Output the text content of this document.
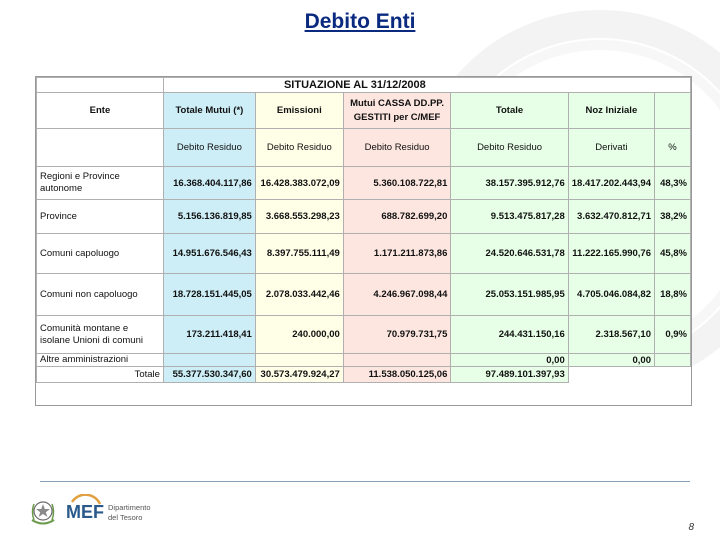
Debito Enti
	SITUAZIONE AL 31/12/2008					
Ente	Totale Mutui (*)	Emissioni	Mutui CASSA DD.PP. GESTITI per C/MEF	Totale	Noz Iniziale	
	Debito Residuo	Debito Residuo	Debito Residuo	Debito Residuo	Derivati	%
Regioni e Province autonome	16.368.404.117,86	16.428.383.072,09	5.360.108.722,81	38.157.395.912,76	18.417.202.443,94	48,3%
Province	5.156.136.819,85	3.668.553.298,23	688.782.699,20	9.513.475.817,28	3.632.470.812,71	38,2%
Comuni capoluogo	14.951.676.546,43	8.397.755.111,49	1.171.211.873,86	24.520.646.531,78	11.222.165.990,76	45,8%
Comuni non capoluogo	18.728.151.445,05	2.078.033.442,46	4.246.967.098,44	25.053.151.985,95	4.705.046.084,82	18,8%
Comunità montane e isolane Unioni di comuni	173.211.418,41	240.000,00	70.979.731,75	244.431.150,16	2.318.567,10	0,9%
Altre amministrazioni				0,00	0,00	
Totale	55.377.530.347,60	30.573.479.924,27	11.538.050.125,06	97.489.101.397,93		
MEF Dipartimento
del Tesoro
8
